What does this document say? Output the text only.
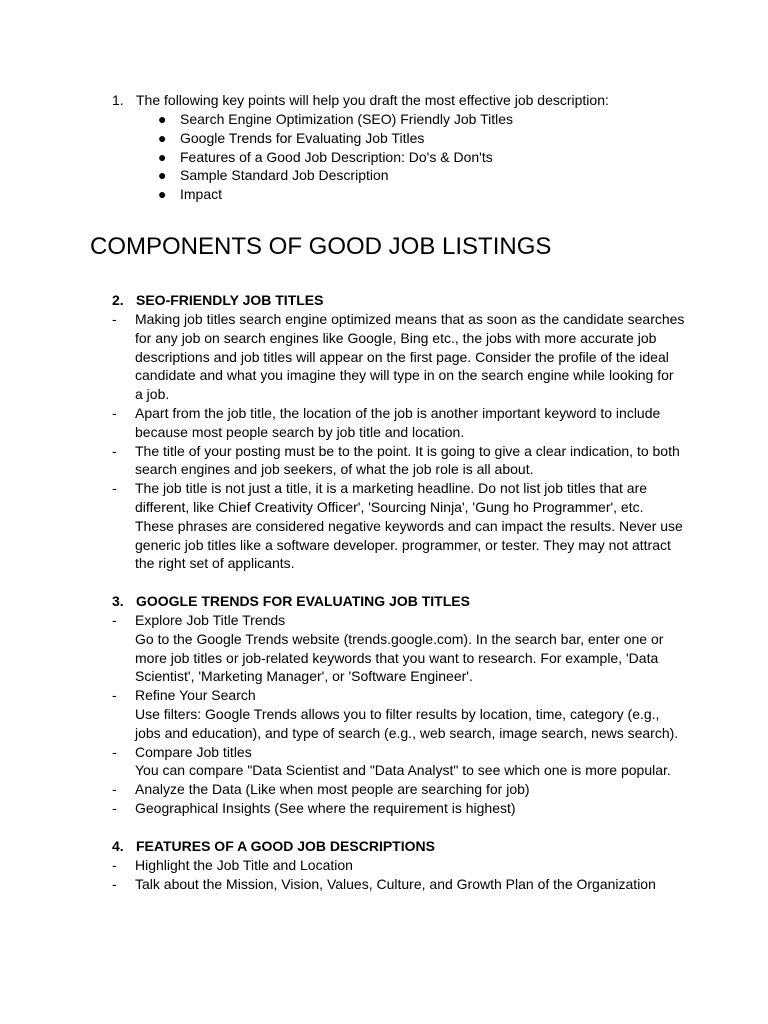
1. The following key points will help you draft the most effective job description:
● Search Engine Optimization (SEO) Friendly Job Titles
● Google Trends for Evaluating Job Titles
● Features of a Good Job Description: Do's & Don'ts
● Sample Standard Job Description
● Impact
COMPONENTS OF GOOD JOB LISTINGS
2. SEO-FRIENDLY JOB TITLES
- Making job titles search engine optimized means that as soon as the candidate searches
for any job on search engines like Google, Bing etc., the jobs with more accurate job
descriptions and job titles will appear on the first page. Consider the profile of the ideal
candidate and what you imagine they will type in on the search engine while looking for
a job.
- Apart from the job title, the location of the job is another important keyword to include
because most people search by job title and location.
- The title of your posting must be to the point. It is going to give a clear indication, to both
search engines and job seekers, of what the job role is all about.
- The job title is not just a title, it is a marketing headline. Do not list job titles that are
different, like Chief Creativity Officer', 'Sourcing Ninja', 'Gung ho Programmer', etc.
These phrases are considered negative keywords and can impact the results. Never use
generic job titles like a software developer. programmer, or tester. They may not attract
the right set of applicants.
3. GOOGLE TRENDS FOR EVALUATING JOB TITLES
- Explore Job Title Trends
Go to the Google Trends website (trends.google.com). In the search bar, enter one or
more job titles or job-related keywords that you want to research. For example, 'Data
Scientist', 'Marketing Manager', or 'Software Engineer'.
- Refine Your Search
Use filters: Google Trends allows you to filter results by location, time, category (e.g.,
jobs and education), and type of search (e.g., web search, image search, news search).
- Compare Job titles
You can compare "Data Scientist and "Data Analyst" to see which one is more popular.
- Analyze the Data (Like when most people are searching for job)
- Geographical Insights (See where the requirement is highest)
4. FEATURES OF A GOOD JOB DESCRIPTIONS
- Highlight the Job Title and Location
- Talk about the Mission, Vision, Values, Culture, and Growth Plan of the Organization
